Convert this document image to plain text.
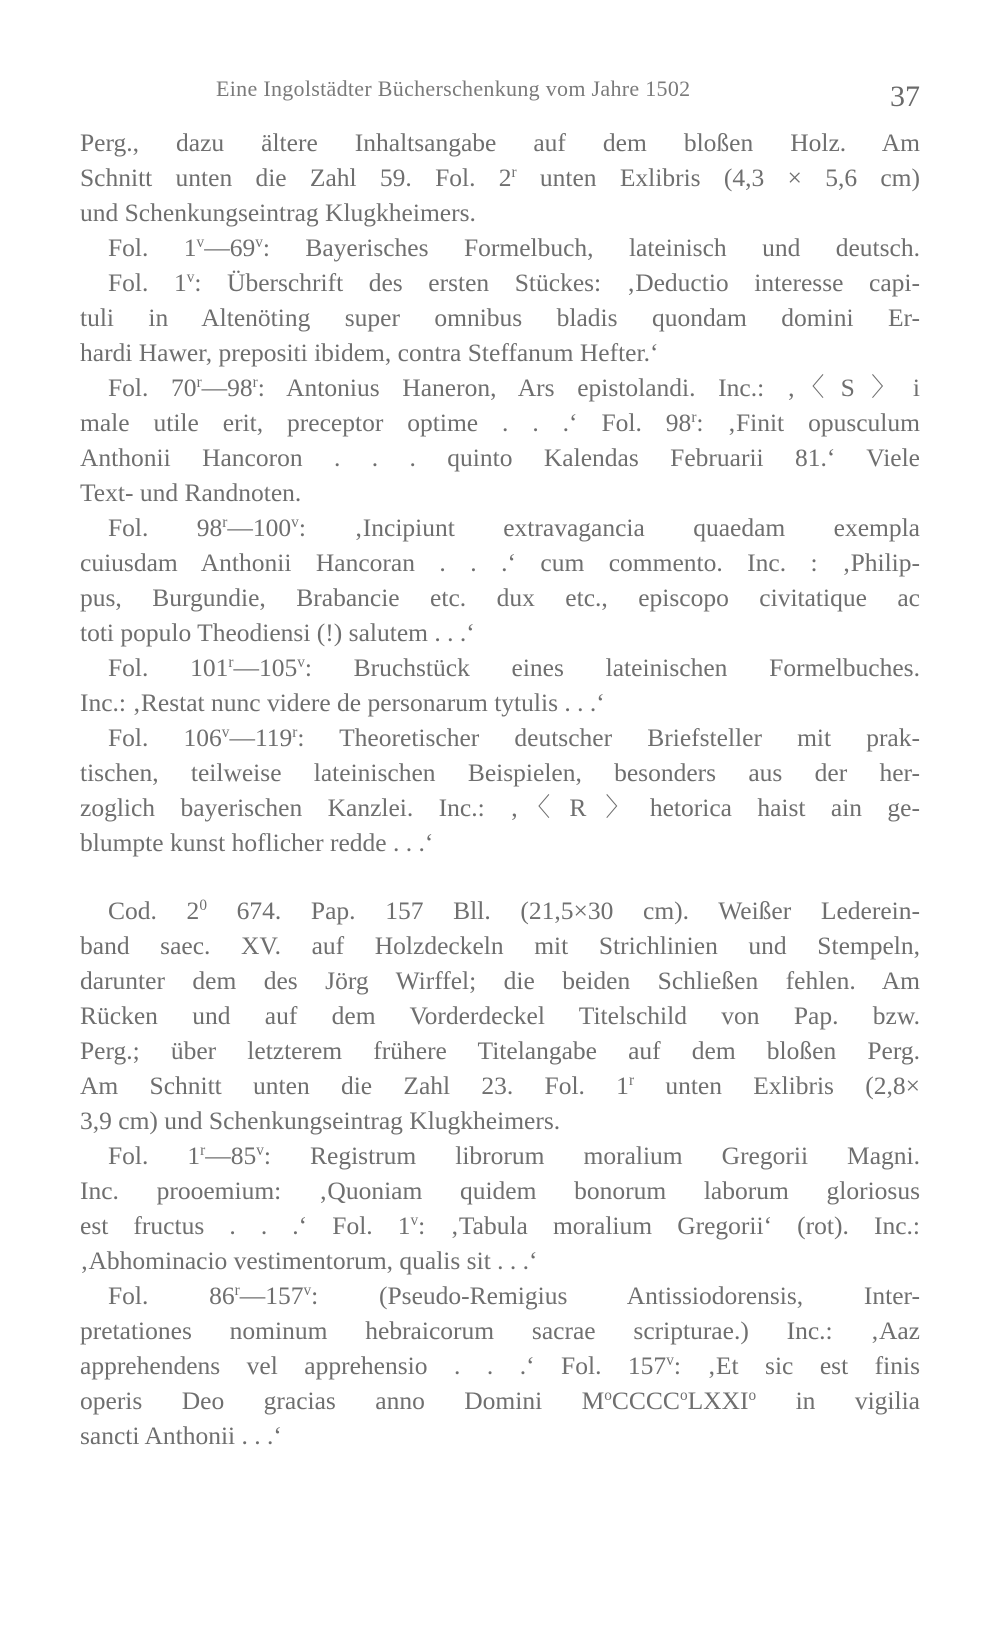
Eine Ingolstädter Bücherschenkung vom Jahre 1502	37
Perg., dazu ältere Inhaltsangabe auf dem bloßen Holz. Am
Schnitt unten die Zahl 59. Fol. 2$^r$ unten Exlibris (4,3 × 5,6 cm)
und Schenkungseintrag Klugkheimers.
Fol. 1$^v$—69$^v$: Bayerisches Formelbuch, lateinisch und deutsch.
Fol. 1$^v$: Überschrift des ersten Stückes: ‚Deductio interesse capi-
tuli in Altenöting super omnibus bladis quondam domini Er-
hardi Hawer, prepositi ibidem, contra Steffanum Hefter.‘
Fol. 70$^r$—98$^r$: Antonius Haneron, Ars epistolandi. Inc.: ‚〈S〉i
male utile erit, preceptor optime . . .‘ Fol. 98$^r$: ‚Finit opusculum
Anthonii Hancoron . . . quinto Kalendas Februarii 81.‘ Viele
Text- und Randnoten.
Fol. 98$^r$—100$^v$: ‚Incipiunt extravagancia quaedam exempla
cuiusdam Anthonii Hancoran . . .‘ cum commento. Inc. : ‚Philip-
pus, Burgundie, Brabancie etc. dux etc., episcopo civitatique ac
toti populo Theodiensi (!) salutem . . .‘
Fol. 101$^r$—105$^v$: Bruchstück eines lateinischen Formelbuches.
Inc.: ‚Restat nunc videre de personarum tytulis . . .‘
Fol. 106$^v$—119$^r$: Theoretischer deutscher Briefsteller mit prak-
tischen, teilweise lateinischen Beispielen, besonders aus der her-
zoglich bayerischen Kanzlei. Inc.: ‚〈R〉hetorica haist ain ge-
blumpte kunst hoflicher redde . . .‘
Cod. $2^0$ 674. Pap. 157 Bll. (21,5×30 cm). Weißer Lederein-
band saec. XV. auf Holzdeckeln mit Strichlinien und Stempeln,
darunter dem des Jörg Wirffel; die beiden Schließen fehlen. Am
Rücken und auf dem Vorderdeckel Titelschild von Pap. bzw.
Perg.; über letzterem frühere Titelangabe auf dem bloßen Perg.
Am Schnitt unten die Zahl 23. Fol. 1$^r$ unten Exlibris (2,8×
3,9 cm) und Schenkungseintrag Klugkheimers.
Fol. 1$^r$—85$^v$: Registrum librorum moralium Gregorii Magni.
Inc. prooemium: ‚Quoniam quidem bonorum laborum gloriosus
est fructus . . .‘ Fol. 1$^v$: ‚Tabula moralium Gregorii‘ (rot). Inc.:
‚Abhominacio vestimentorum, qualis sit . . .‘
Fol. 86$^r$—157$^v$: (Pseudo-Remigius Antissiodorensis, Inter-
pretationes nominum hebraicorum sacrae scripturae.) Inc.: ‚Aaz
apprehendens vel apprehensio . . .‘ Fol. 157$^v$: ‚Et sic est finis
operis Deo gracias anno Domini $M^oCCCC^oLXXI^o$ in vigilia
sancti Anthonii . . .‘
